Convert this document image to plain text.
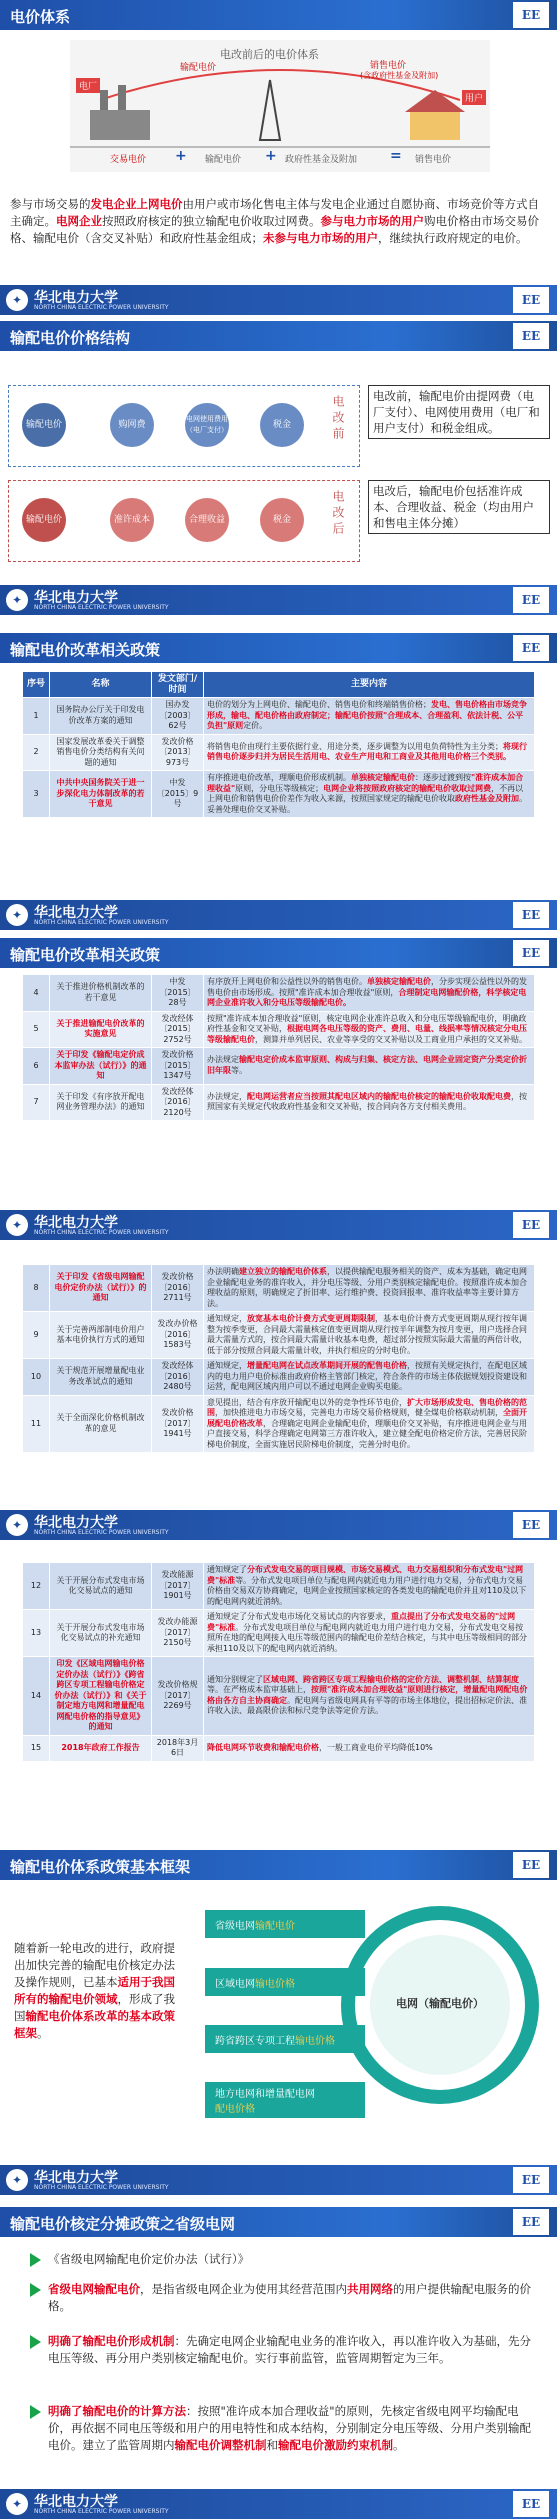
电价体系	EE
电改前后的电价体系
电厂
输配电价	销售电价
(含政府性基金及附加)
用户
交易电价 + 输配电价 + 政府性基金及附加 = 销售电价
参与市场交易的发电企业上网电价由用户或市场化售电主体与发电企业通过自愿协商、市场竞价等方式自主确定。电网企业按照政府核定的独立输配电价收取过网费。参与电力市场的用户购电价格由市场交易价格、输配电价（含交叉补贴）和政府性基金组成；未参与电力市场的用户，继续执行政府规定的电价。
✦ 华北电力大学
NORTH CHINA ELECTRIC POWER UNIVERSITY
EE
输配电价价格结构	EE
输配电价	购网费
电网使用费用（电厂支付）
税金	电改前	电改前，输配电价由提网费（电厂支付）、电网使用费用（电厂和用户支付）和税金组成。
输配电价	准许成本	合理收益	税金	电改后	电改后，输配电价包括准许成本、合理收益、税金（均由用户和售电主体分摊）
✦ 华北电力大学
NORTH CHINA ELECTRIC POWER UNIVERSITY
EE
输配电价改革相关政策	EE
序号	名称	发文部门/时间	主要内容
1	国务院办公厅关于印发电价改革方案的通知	国办发〔2003〕62号	电价的划分为上网电价、输配电价、销售电价和终端销售价格；发电、售电价格由市场竞争形成，输电、配电价格由政府制定；输配电价按照"合理成本、合理盈利、依法计税、公平负担"原则定价。
2	国家发展改革委关于调整销售电价分类结构有关问题的通知	发改价格〔2013〕973号	将销售电价由现行主要依据行业、用途分类，逐步调整为以用电负荷特性为主分类；将现行销售电价逐步归并为居民生活用电、农业生产用电和工商业及其他用电价格三个类别。
3	中共中央国务院关于进一步深化电力体制改革的若干意见	中发〔2015〕9号	有序推进电价改革，理顺电价形成机制。单独核定输配电价：逐步过渡到按"准许成本加合理收益"原则，分电压等级核定；电网企业将按照政府核定的输配电价收取过网费，不再以上网电价和销售电价价差作为收入来源，按照国家规定的输配电价收取政府性基金及附加。妥善处理电价交叉补贴。
✦ 华北电力大学
NORTH CHINA ELECTRIC POWER UNIVERSITY
EE
输配电价改革相关政策	EE
4	关于推进价格机制改革的若干意见	中发〔2015〕28号	有序放开上网电价和公益性以外的销售电价。单独核定输配电价，分步实现公益性以外的发售电价由市场形成。按照"准许成本加合理收益"原则，合理制定电网输配价格，科学核定电网企业准许收入和分电压等级输配电价。
5	关于推进输配电价改革的实施意见	发改经体〔2015〕2752号	按照"准许成本加合理收益"原则，核定电网企业准许总收入和分电压等级输配电价，明确政府性基金和交叉补贴，根据电网各电压等级的资产、费用、电量、线损率等情况核定分电压等级输配电价，测算并单列居民、农业等享受的交叉补贴以及工商业用户承担的交叉补贴。
6	关于印发《输配电定价成本监审办法（试行）》的通知	发改价格〔2015〕1347号	办法规定输配电定价成本监审原则、构成与归集、核定方法、电网企业固定资产分类定价折旧年限等。
7	关于印发《有序放开配电网业务管理办法》的通知	发改经体〔2016〕2120号	办法规定，配电网运营者应当按照其配电区域内的输配电价核定的输配电价收取配电费，按照国家有关规定代收政府性基金和交叉补贴，按合同向各方支付相关费用。
✦ 华北电力大学
NORTH CHINA ELECTRIC POWER UNIVERSITY
EE
8	关于印发《省级电网输配电价定价办法（试行）》的通知	发改价格〔2016〕2711号	办法明确建立独立的输配电价体系，以提供输配电服务相关的资产、成本为基础，确定电网企业输配电业务的准许收入，并分电压等级、分用户类别核定输配电价。按照准许成本加合理收益的原则，明确规定了折旧率、运行维护费、投资回报率、准许收益率等主要计算方法。
9	关于完善两部制电价用户基本电价执行方式的通知	发改办价格〔2016〕1583号	通知规定，放宽基本电价计费方式变更周期限制，基本电价计费方式变更周期从现行按年调整为按季变更，合同最大需量核定值变更周期从现行按半年调整为按月变更，用户选择合同最大需量方式的，按合同最大需量计收基本电费，超过部分按照实际最大需量的两倍计收，低于部分按照合同最大需量计收，并执行相应的分时电价。
10	关于规范开展增量配电业务改革试点的通知	发改经体〔2016〕2480号	通知规定，增量配电网在试点改革期间开展的配售电价格，按照有关规定执行，在配电区域内的电力用户电价标准由政府价格主管部门核定，符合条件的市场主体依据规划投资建设和运营，配电网区域内用户可以不通过电网企业购买电能。
11	关于全面深化价格机制改革的意见	发改价格〔2017〕1941号	意见提出，结合有序放开输配电以外的竞争性环节电价，扩大市场形成发电、售电价格的范围，加快推进电力市场交易，完善电力市场交易价格规则，健全煤电价格联动机制，全面开展配电价格改革，合理确定电网企业输配电价，理顺电价交叉补贴，有序推进电网企业与用户直接交易，科学合理确定电网第三方准许收入，建立健全配电价格定价方法，完善居民阶梯电价制度，全面实施居民阶梯电价制度，完善分时电价。
✦ 华北电力大学
NORTH CHINA ELECTRIC POWER UNIVERSITY
EE
12	关于开展分布式发电市场化交易试点的通知	发改能源〔2017〕1901号	通知规定了分布式发电交易的项目规模、市场交易模式、电力交易组织和分布式发电"过网费"标准等。分布式发电项目单位与配电网内就近电力用户进行电力交易，分布式电力交易价格由交易双方协商确定，电网企业按照国家核定的各类发电的输配电价并且对110及以下的配电网内就近消纳。
13	关于开展分布式发电市场化交易试点的补充通知	发改办能源〔2017〕2150号	通知规定了分布式发电市场化交易试点的内容要求，重点提出了分布式发电交易的"过网费"标准。分布式发电项目单位与配电网内就近电力用户进行电力交易，分布式发电交易按照所在地的配电网接入电压等级范围内的输配电价差结合核定，与其中电压等级相同的部分承担110及以下的配电网内就近消纳。
14	印发《区域电网输电价格定价办法（试行）》《跨省跨区专项工程输电价格定价办法（试行）》和《关于制定地方电网和增量配电网配电价格的指导意见》的通知	发改价格规〔2017〕2269号	通知分别规定了区域电网、跨省跨区专项工程输电价格的定价方法、调整机制、结算制度等。在严格成本监审基础上，按照"准许成本加合理收益"原则进行核定，增量配电网配电价格由各方自主协商确定。配电网与省级电网具有平等的市场主体地位，提出招标定价法、准许收入法、最高限价法和标尺竞争法等定价方法。
15	2018年政府工作报告	2018年3月6日	降低电网环节收费和输配电价格，一般工商业电价平均降低10%
输配电价体系政策基本框架	EE
随着新一轮电改的进行，政府提出加快完善的输配电价核定办法及操作规则，已基本适用于我国所有的输配电价领域，形成了我国输配电价体系改革的基本政策框架。
电网（输配电价）
省级电网 输配电价
区域电网 输电价格
跨省跨区专项工程 输电价格
地方电网和增量配电网
配电价格
✦ 华北电力大学
NORTH CHINA ELECTRIC POWER UNIVERSITY
EE
输配电价核定分摊政策之省级电网	EE
《省级电网输配电价定价办法（试行）》
省级电网输配电价，是指省级电网企业为使用其经营范围内共用网络的用户提供输配电服务的价格。
明确了输配电价形成机制：先确定电网企业输配电业务的准许收入，再以准许收入为基础，先分电压等级、再分用户类别核定输配电价。实行事前监管，监管周期暂定为三年。
明确了输配电价的计算方法：按照"准许成本加合理收益"的原则，先核定省级电网平均输配电价，再依据不同电压等级和用户的用电特性和成本结构，分别制定分电压等级、分用户类别输配电价。建立了监管周期内输配电价调整机制和输配电价激励约束机制。
✦ 华北电力大学
NORTH CHINA ELECTRIC POWER UNIVERSITY
EE
